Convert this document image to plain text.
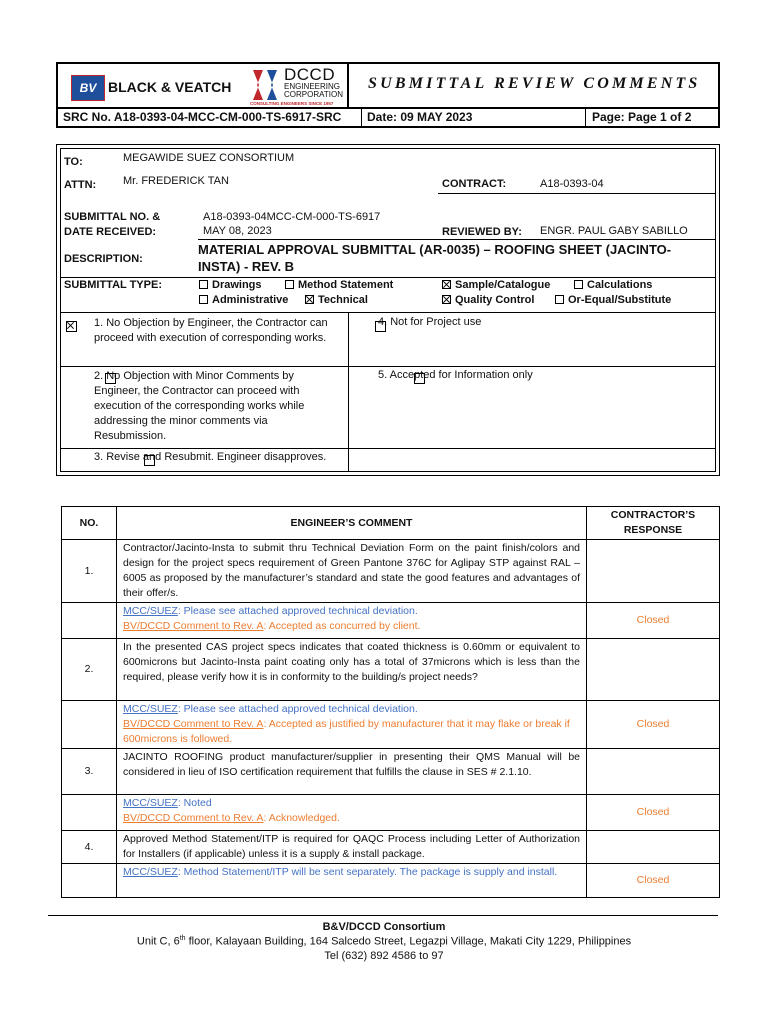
BV BLACK & VEATCH
DCCD
ENGINEERING
CORPORATION
CONSULTING ENGINEERS SINCE 1957
SUBMITTAL REVIEW COMMENTS
SRC No. A18-0393-04-MCC-CM-000-TS-6917-SRC Date: 09 MAY 2023	Page: Page 1 of 2
TO:	MEGAWIDE SUEZ CONSORTIUM
ATTN: Mr. FREDERICK TAN	CONTRACT:	A18-0393-04
SUBMITTAL NO. &
DATE RECEIVED:
A18-0393-04MCC-CM-000-TS-6917
MAY 08, 2023	REVIEWED BY: ENGR. PAUL GABY SABILLO
DESCRIPTION:
MATERIAL APPROVAL SUBMITTAL (AR-0035) – ROOFING SHEET (JACINTO-INSTA) - REV. B
SUBMITTAL TYPE:	Drawings	Method Statement	Sample/Catalogue	Calculations
Administrative	Technical	Quality Control	Or-Equal/Substitute

1. No Objection by Engineer, the Contractor can proceed with execution of corresponding works.

4. Not for Project use

2. No Objection with Minor Comments by Engineer, the Contractor can proceed with execution of the corresponding works while addressing the minor comments via Resubmission.

5. Accepted for Information only
3. Revise and Resubmit. Engineer disapproves.
NO.	ENGINEER’S COMMENT	CONTRACTOR’S RESPONSE
1.	Contractor/Jacinto-Insta to submit thru Technical Deviation Form on the paint finish/colors and design for the project specs requirement of Green Pantone 376C for Aglipay STP against RAL – 6005 as proposed by the manufacturer’s standard and state the good features and advantages of their offer/s.	
	MCC/SUEZ: Please see attached approved technical deviation.
BV/DCCD Comment to Rev. A: Accepted as concurred by client.	Closed
2.	In the presented CAS project specs indicates that coated thickness is 0.60mm or equivalent to 600microns but Jacinto-Insta paint coating only has a total of 37microns which is less than the required, please verify how it is in conformity to the building/s project needs?	
	MCC/SUEZ: Please see attached approved technical deviation.
BV/DCCD Comment to Rev. A: Accepted as justified by manufacturer that it may flake or break if 600microns is followed.	Closed
3.	JACINTO ROOFING product manufacturer/supplier in presenting their QMS Manual will be considered in lieu of ISO certification requirement that fulfills the clause in SES # 2.1.10.	
	MCC/SUEZ: Noted
BV/DCCD Comment to Rev. A: Acknowledged.	Closed
4.	Approved Method Statement/ITP is required for QAQC Process including Letter of Authorization for Installers (if applicable) unless it is a supply & install package.	
	MCC/SUEZ: Method Statement/ITP will be sent separately. The package is supply and install.	Closed
B&V/DCCD Consortium
Unit C, 6th floor, Kalayaan Building, 164 Salcedo Street, Legazpi Village, Makati City 1229, Philippines
Tel (632) 892 4586 to 97
